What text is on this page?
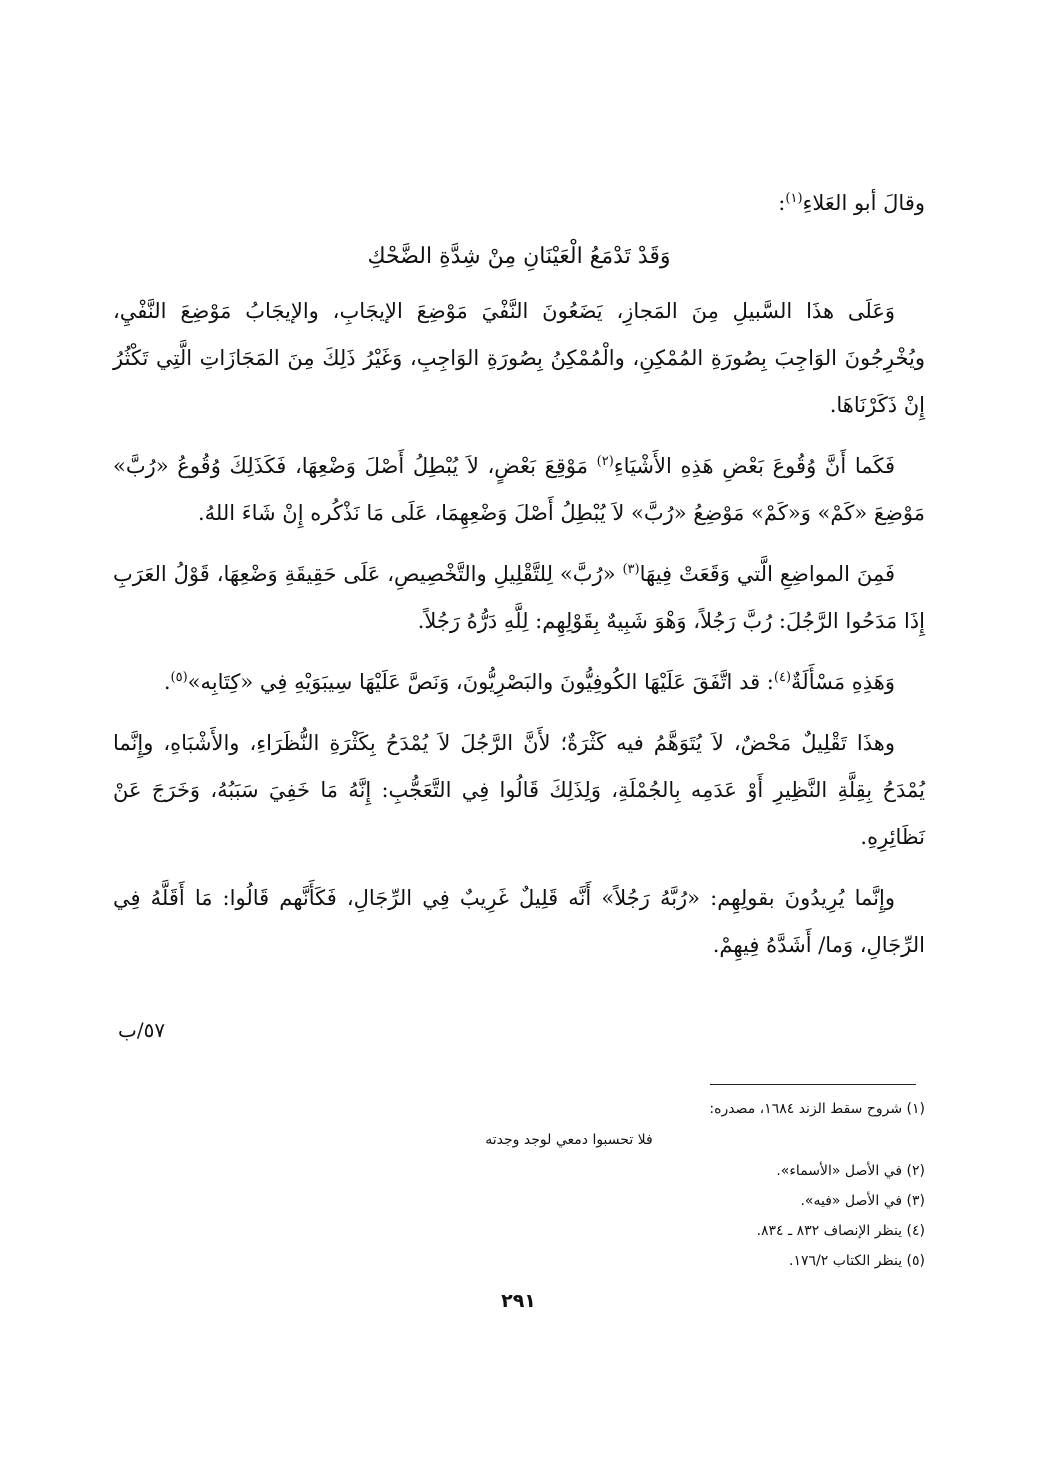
وقالَ أبو العَلاءِ$^{(١)}$:

وَقَدْ تَدْمَعُ الْعَيْنَانِ مِنْ شِدَّةِ الضَّحْكِ

وَعَلَى هذَا السَّبيلِ مِنَ المَجازِ، يَضَعُونَ النَّفْيَ مَوْضِعَ الإيجَابِ، والإيجَابُ مَوْضِعَ النَّفْيِ، ويُخْرِجُونَ الوَاجِبَ بِصُورَةِ المُمْكِنِ، والْمُمْكِنُ بِصُورَةِ الوَاجِبِ، وَغَيْرُ ذَلِكَ مِنَ المَجَازَاتِ الَّتِي تَكْثُرُ إِنْ ذَكَرْنَاهَا.

فَكَما أَنَّ وُقُوعَ بَعْضِ هَذِهِ الأَشْيَاءِ$^{(٢)}$ مَوْقِعَ بَعْضٍ، لاَ يُبْطِلُ أَصْلَ وَضْعِهَا، فَكَذَلِكَ وُقُوعُ «رُبَّ» مَوْضِعَ «كَمْ» وَ«كَمْ» مَوْضِعُ «رُبَّ» لاَ يُبْطِلُ أَصْلَ وَضْعِهِمَا، عَلَى مَا نَذْكُره إِنْ شَاءَ اللهُ.

فَمِنَ المواضِعِ الَّتي وَقَعَتْ فِيهَا$^{(٣)}$ «رُبَّ» لِلتَّقْلِيلِ والتَّخْصِيصِ، عَلَى حَقِيقَةِ وَضْعِهَا، قَوْلُ العَرَبِ إِذَا مَدَحُوا الرَّجُلَ: رُبَّ رَجُلاً، وَهْوَ شَبِيهٌ بِقَوْلِهِم: لِلَّهِ دَرُّهُ رَجُلاً.

وَهَذِهِ مَسْأَلَةٌ$^{(٤)}$: قد اتَّفَقَ عَلَيْهَا الكُوفِيُّونَ والبَصْرِيُّونَ، وَنَصَّ عَلَيْهَا سِيبَوَيْهِ فِي «كِتَابِه»$^{(٥)}$.

وهذَا تَقْلِيلٌ مَحْضٌ، لاَ يُتَوَهَّمُ فيه كَثْرَةٌ؛ لأَنَّ الرَّجُلَ لاَ يُمْدَحُ بِكَثْرَةِ النُّظَرَاءِ، والأَشْبَاهِ، وإِنَّما يُمْدَحُ بِقِلَّةِ النَّظِيرِ أَوْ عَدَمِه بِالجُمْلَةِ، وَلِذَلِكَ قَالُوا فِي التَّعَجُّبِ: إِنَّهُ مَا خَفِيَ سَبَبُهُ، وَخَرَجَ عَنْ نَظَائِرِهِ.

وإِنَّما يُرِيدُونَ بقولِهِم: «رُبَّهُ رَجُلاً» أَنَّه قَلِيلٌ غَرِيبٌ فِي الرِّجَالِ، فَكَأَنَّهم قَالُوا: مَا أَقَلَّهُ فِي الرِّجَالِ، وَما/ أَشَدَّهُ فِيهِمْ.

٥٧/ب

(١) شروح سقط الزند ١٦٨٤، مصدره:

فلا تحسبوا دمعي لوجد وجدته

(٢) في الأصل «الأسماء».

(٣) في الأصل «فيه».

(٤) ينظر الإنصاف ٨٣٢ ـ ٨٣٤.

(٥) ينظر الكتاب ١٧٦/٢.

٢٩١
